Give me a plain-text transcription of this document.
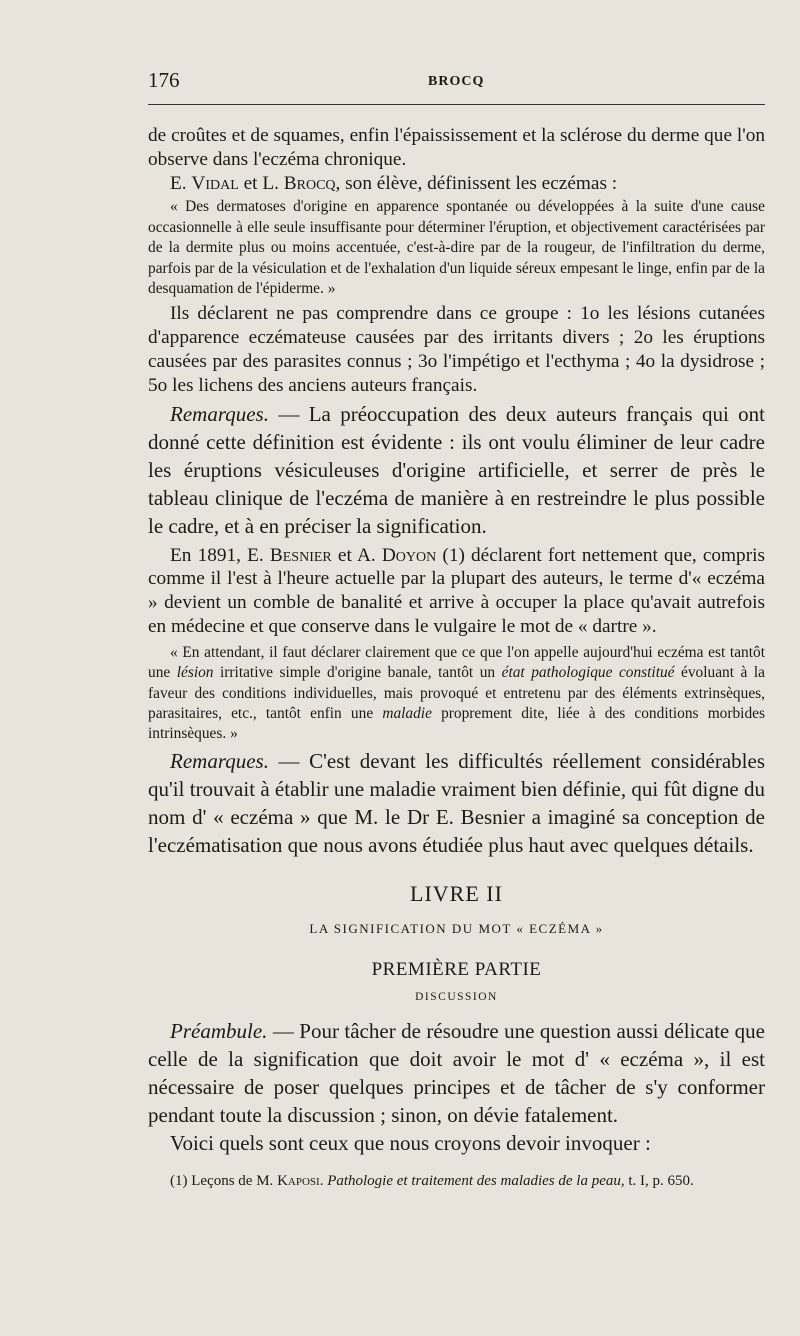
176	BROCQ

de croûtes et de squames, enfin l'épaississement et la sclérose du derme que l'on observe dans l'eczéma chronique.

E. Vidal et L. Brocq, son élève, définissent les eczémas :

« Des dermatoses d'origine en apparence spontanée ou développées à la suite d'une cause occasionnelle à elle seule insuffisante pour déterminer l'éruption, et objectivement caractérisées par de la dermite plus ou moins accentuée, c'est-à-dire par de la rougeur, de l'infiltration du derme, parfois par de la vésiculation et de l'exhalation d'un liquide séreux empesant le linge, enfin par de la desquamation de l'épiderme. »

Ils déclarent ne pas comprendre dans ce groupe : 1o les lésions cutanées d'apparence eczémateuse causées par des irritants divers ; 2o les éruptions causées par des parasites connus ; 3o l'impétigo et l'ecthyma ; 4o la dysidrose ; 5o les lichens des anciens auteurs français.

Remarques. — La préoccupation des deux auteurs français qui ont donné cette définition est évidente : ils ont voulu éliminer de leur cadre les éruptions vésiculeuses d'origine artificielle, et serrer de près le tableau clinique de l'eczéma de manière à en restreindre le plus possible le cadre, et à en préciser la signification.

En 1891, E. Besnier et A. Doyon (1) déclarent fort nettement que, compris comme il l'est à l'heure actuelle par la plupart des auteurs, le terme d'« eczéma » devient un comble de banalité et arrive à occuper la place qu'avait autrefois en médecine et que conserve dans le vulgaire le mot de « dartre ».

« En attendant, il faut déclarer clairement que ce que l'on appelle aujourd'hui eczéma est tantôt une lésion irritative simple d'origine banale, tantôt un état pathologique constitué évoluant à la faveur des conditions individuelles, mais provoqué et entretenu par des éléments extrinsèques, parasitaires, etc., tantôt enfin une maladie proprement dite, liée à des conditions morbides intrinsèques. »

Remarques. — C'est devant les difficultés réellement considérables qu'il trouvait à établir une maladie vraiment bien définie, qui fût digne du nom d' « eczéma » que M. le Dr E. Besnier a imaginé sa conception de l'eczématisation que nous avons étudiée plus haut avec quelques détails.

LIVRE II

LA SIGNIFICATION DU MOT « ECZÉMA »

PREMIÈRE PARTIE

DISCUSSION

Préambule. — Pour tâcher de résoudre une question aussi délicate que celle de la signification que doit avoir le mot d' « eczéma », il est nécessaire de poser quelques principes et de tâcher de s'y conformer pendant toute la discussion ; sinon, on dévie fatalement.

Voici quels sont ceux que nous croyons devoir invoquer :

(1) Leçons de M. Kaposi. Pathologie et traitement des maladies de la peau, t. I, p. 650.
